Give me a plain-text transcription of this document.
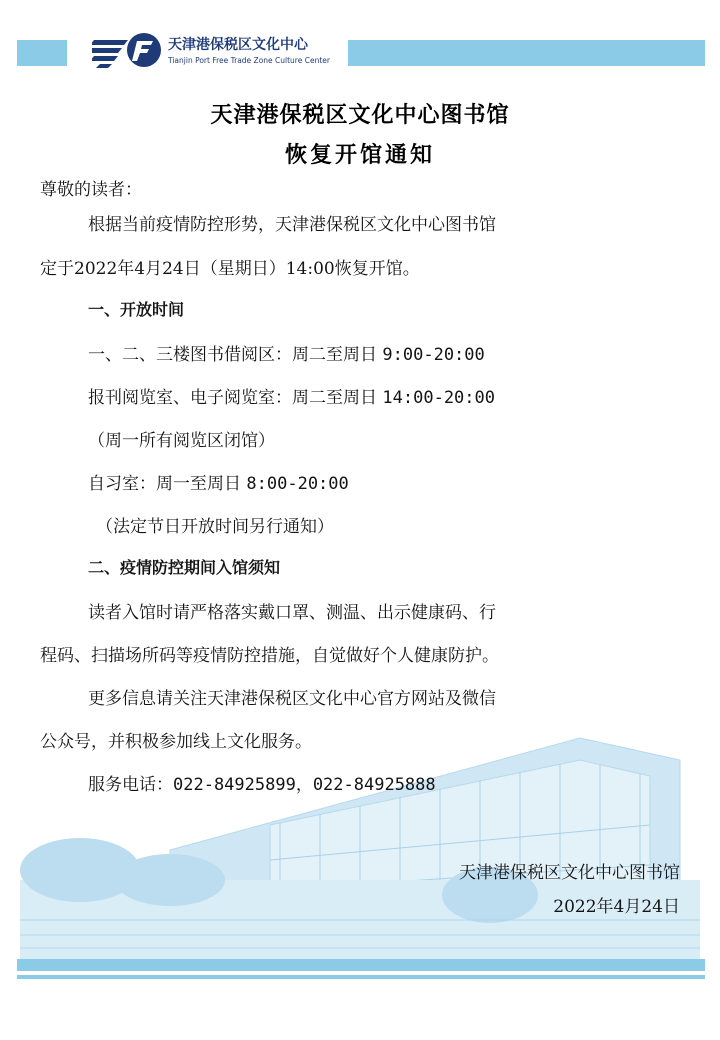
天津港保税区文化中心
Tianjin Port Free Trade Zone Culture Center
天津港保税区文化中心图书馆
恢复开馆通知
尊敬的读者：
根据当前疫情防控形势，天津港保税区文化中心图书馆
定于2022年4月24日（星期日）14:00恢复开馆。
一、开放时间
一、二、三楼图书借阅区：周二至周日 9:00-20:00
报刊阅览室、电子阅览室：周二至周日 14:00-20:00
（周一所有阅览区闭馆）
自习室：周一至周日 8:00-20:00
（法定节日开放时间另行通知）
二、疫情防控期间入馆须知
读者入馆时请严格落实戴口罩、测温、出示健康码、行
程码、扫描场所码等疫情防控措施，自觉做好个人健康防护。
更多信息请关注天津港保税区文化中心官方网站及微信
公众号，并积极参加线上文化服务。
服务电话：022-84925899，022-84925888
天津港保税区文化中心图书馆
2022年4月24日
